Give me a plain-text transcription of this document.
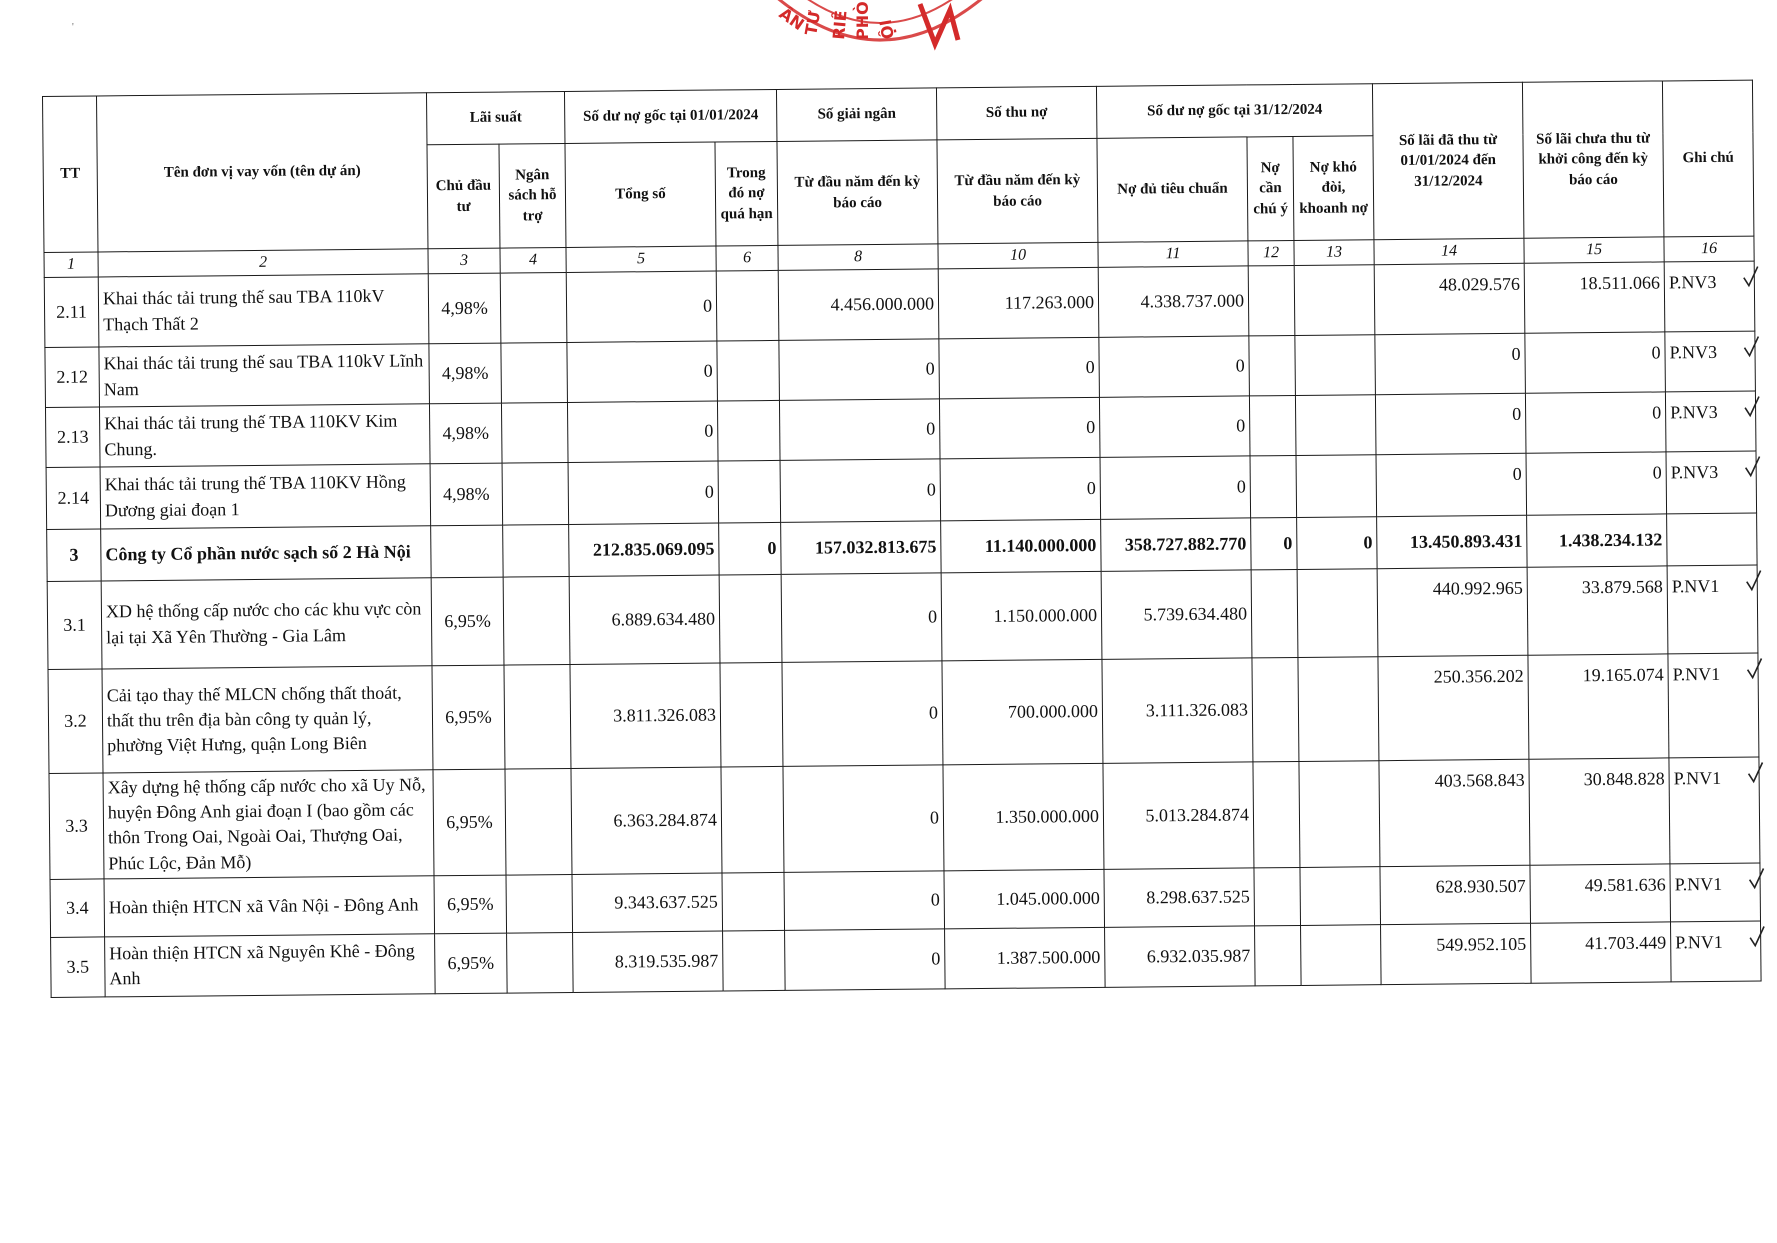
ÂN
TƯ RIÊ PHÒ ỘI
'
TT	Tên đơn vị vay vốn (tên dự án)	Lãi suất		Số dư nợ gốc tại 01/01/2024		Số giải ngân	Số thu nợ	Số dư nợ gốc tại 31/12/2024			Số lãi đã thu từ 01/01/2024 đến 31/12/2024	Số lãi chưa thu từ khởi công đến kỳ báo cáo	Ghi chú
		Chủ đầu tư	Ngân sách hỗ trợ	Tổng số	Trong đó nợ quá hạn	Từ đầu năm đến kỳ báo cáo	Từ đầu năm đến kỳ báo cáo	Nợ đủ tiêu chuẩn	Nợ cần chú ý	Nợ khó đòi, khoanh nợ			
1	2	3	4	5	6	8	10	11	12	13	14	15	16
2.11	Khai thác tải trung thế sau TBA 110kV Thạch Thất 2	4,98%		0		4.456.000.000	117.263.000	4.338.737.000			48.029.576	18.511.066	P.NV3

2.12	Khai thác tải trung thế sau TBA 110kV Lĩnh Nam	4,98%		0		0	0	0			0	0	P.NV3

2.13	Khai thác tải trung thế TBA 110KV Kim Chung.	4,98%		0		0	0	0			0	0	P.NV3

2.14	Khai thác tải trung thế TBA 110KV Hồng Dương giai đoạn 1	4,98%		0		0	0	0			0	0	P.NV3

3	Công ty Cổ phần nước sạch số 2 Hà Nội			212.835.069.095	0	157.032.813.675	11.140.000.000	358.727.882.770	0	0	13.450.893.431	1.438.234.132	
3.1	XD hệ thống cấp nước cho các khu vực còn lại tại Xã Yên Thường - Gia Lâm	6,95%		6.889.634.480		0	1.150.000.000	5.739.634.480			440.992.965	33.879.568	P.NV1

3.2	Cải tạo thay thế MLCN chống thất thoát, thất thu trên địa bàn công ty quản lý, phường Việt Hưng, quận Long Biên	6,95%		3.811.326.083		0	700.000.000	3.111.326.083			250.356.202	19.165.074	P.NV1

3.3	Xây dựng hệ thống cấp nước cho xã Uy Nỗ, huyện Đông Anh giai đoạn I (bao gồm các thôn Trong Oai, Ngoài Oai, Thượng Oai, Phúc Lộc, Đản Mỗ)	6,95%		6.363.284.874		0	1.350.000.000	5.013.284.874			403.568.843	30.848.828	P.NV1

3.4	Hoàn thiện HTCN xã Vân Nội - Đông Anh	6,95%		9.343.637.525		0	1.045.000.000	8.298.637.525			628.930.507	49.581.636	P.NV1

3.5	Hoàn thiện HTCN xã Nguyên Khê - Đông Anh	6,95%		8.319.535.987		0	1.387.500.000	6.932.035.987			549.952.105	41.703.449	P.NV1
